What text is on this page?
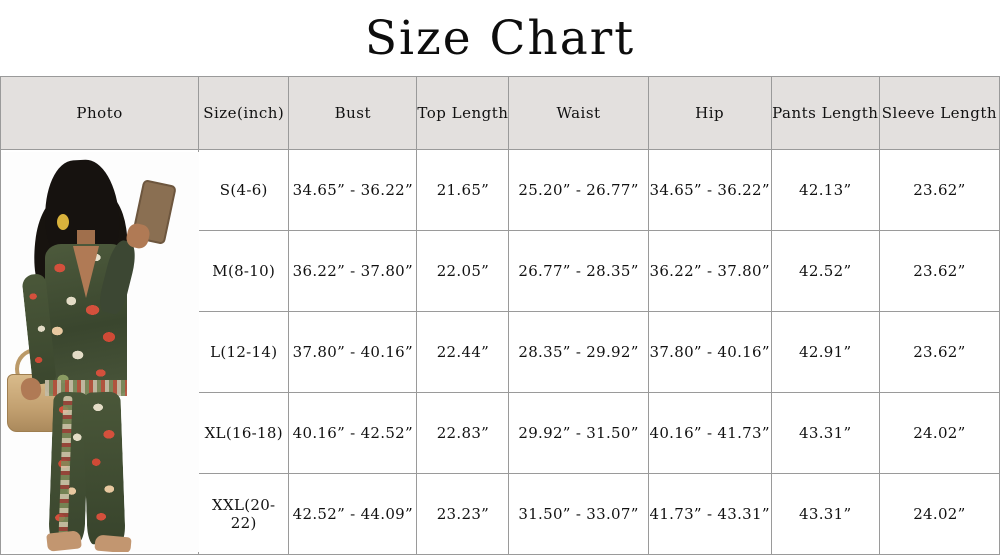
Size Chart
Photo	Size(inch)	Bust	Top Length	Waist	Hip	Pants Length	Sleeve Length

	S(4-6)	34.65” - 36.22”	21.65”	25.20” - 26.77”	34.65” - 36.22”	42.13”	23.62”
	M(8-10)	36.22” - 37.80”	22.05”	26.77” - 28.35”	36.22” - 37.80”	42.52”	23.62”
	L(12-14)	37.80” - 40.16”	22.44”	28.35” - 29.92”	37.80” - 40.16”	42.91”	23.62”
	XL(16-18)	40.16” - 42.52”	22.83”	29.92” - 31.50”	40.16” - 41.73”	43.31”	24.02”
	XXL(20-22)	42.52” - 44.09”	23.23”	31.50” - 33.07”	41.73” - 43.31”	43.31”	24.02”
